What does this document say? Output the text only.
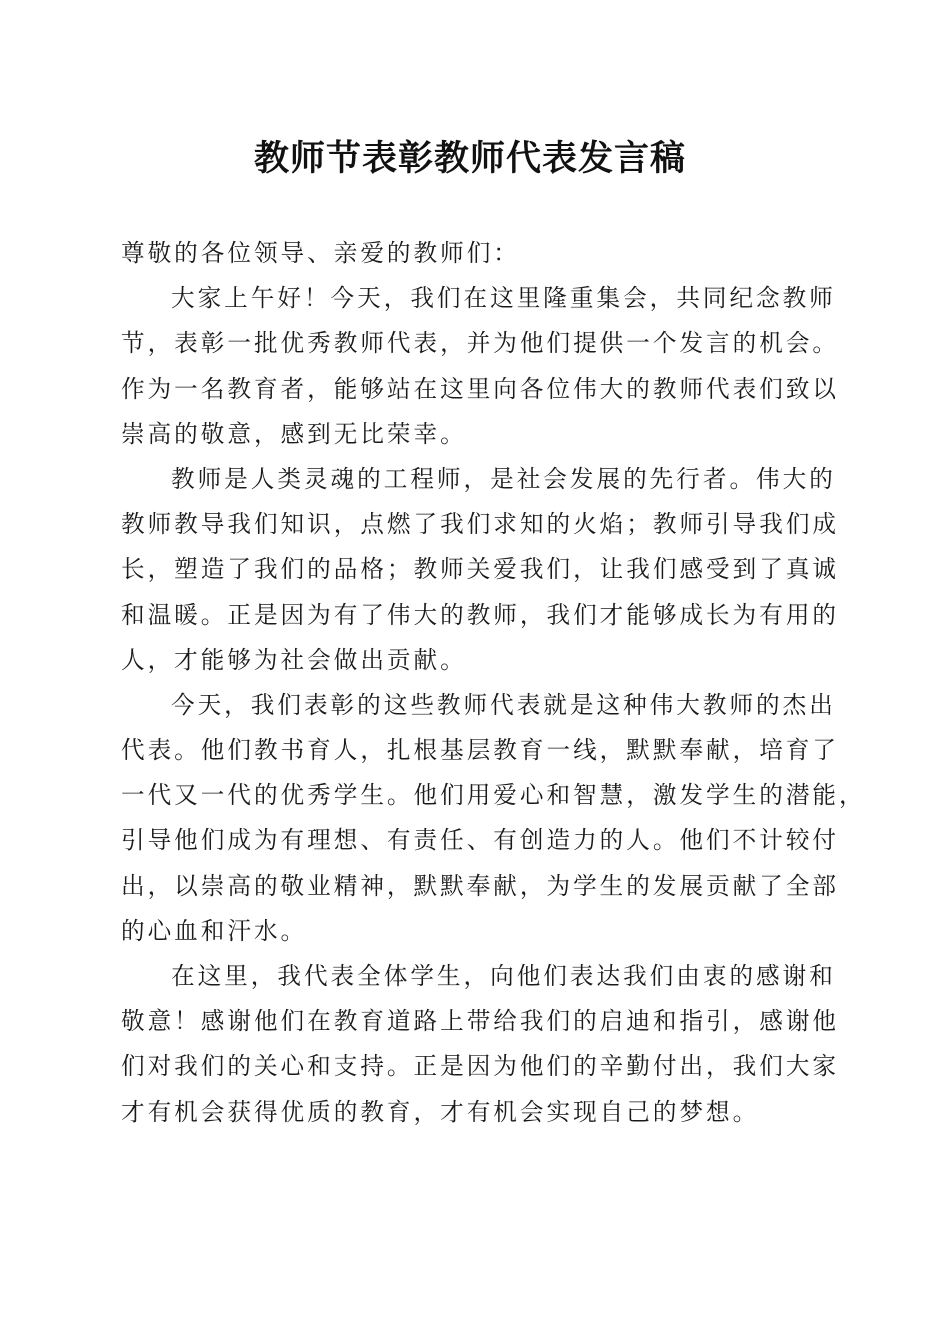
教师节表彰教师代表发言稿
尊敬的各位领导、亲爱的教师们：
大家上午好！今天，我们在这里隆重集会，共同纪念教师
节，表彰一批优秀教师代表，并为他们提供一个发言的机会。
作为一名教育者，能够站在这里向各位伟大的教师代表们致以
崇高的敬意，感到无比荣幸。
教师是人类灵魂的工程师，是社会发展的先行者。伟大的
教师教导我们知识，点燃了我们求知的火焰；教师引导我们成
长，塑造了我们的品格；教师关爱我们，让我们感受到了真诚
和温暖。正是因为有了伟大的教师，我们才能够成长为有用的
人，才能够为社会做出贡献。
今天，我们表彰的这些教师代表就是这种伟大教师的杰出
代表。他们教书育人，扎根基层教育一线，默默奉献，培育了
一代又一代的优秀学生。他们用爱心和智慧，激发学生的潜能，
引导他们成为有理想、有责任、有创造力的人。他们不计较付
出，以崇高的敬业精神，默默奉献，为学生的发展贡献了全部
的心血和汗水。
在这里，我代表全体学生，向他们表达我们由衷的感谢和
敬意！感谢他们在教育道路上带给我们的启迪和指引，感谢他
们对我们的关心和支持。正是因为他们的辛勤付出，我们大家
才有机会获得优质的教育，才有机会实现自己的梦想。
